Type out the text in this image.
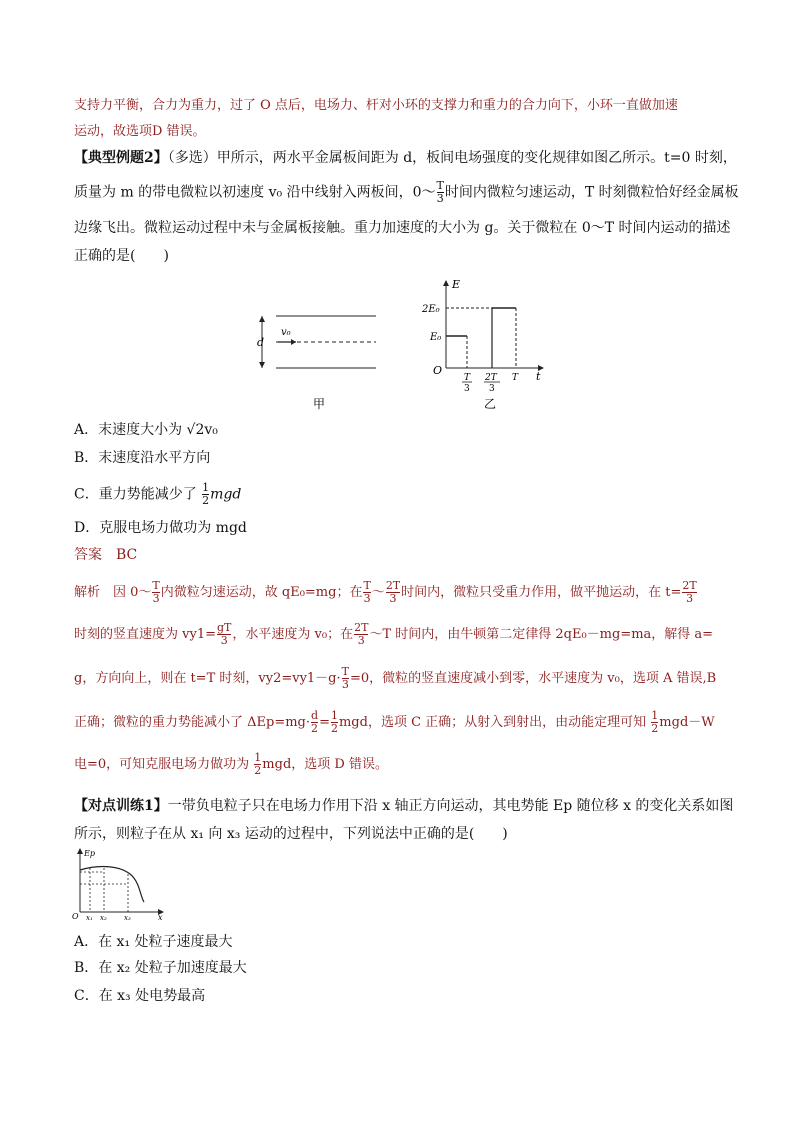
支持力平衡，合力为重力，过了 O 点后，电场力、杆对小环的支撑力和重力的合力向下，小环一直做加速
运动，故选项D 错误。
【典型例题2】（多选）甲所示，两水平金属板间距为 d，板间电场强度的变化规律如图乙所示。t=0 时刻，
质量为 m 的带电微粒以初速度 v₀ 沿中线射入两板间，0～ $\frac{T}{3}$ 时间内微粒匀速运动，T 时刻微粒恰好经金属板
边缘飞出。微粒运动过程中未与金属板接触。重力加速度的大小为 g。关于微粒在 0～T 时间内运动的描述
正确的是(　　)
d
v₀
甲
E
t
O
2E₀
E₀
T
3
2T
3
T
乙
A．末速度大小为 √2v₀
B．末速度沿水平方向
C．重力势能减少了 $\frac{1}{2}$ mgd
D．克服电场力做功为 mgd
答案　BC
解析　因 0～ $\frac{T}{3}$ 内微粒匀速运动，故 qE₀=mg；在 $\frac{T}{3}$ ～ $\frac{2T}{3}$ 时间内，微粒只受重力作用，做平抛运动，在 $t= \frac{2T}{3}$
时刻的竖直速度为 $vy1= \frac{gT}{3}$ ，水平速度为 v₀；在 $\frac{2T}{3}$ ～T 时间内，由牛顿第二定律得 2qE₀－mg=ma，解得 a=
g，方向向上，则在 t=T 时刻，$vy2=vy1-g\cdot \frac{T}{3} =0$，微粒的竖直速度减小到零，水平速度为 v₀，选项 A 错误,B
正确；微粒的重力势能减小了 $\Delta Ep=mg\cdot \frac{d}{2} = \frac{1}{2}$ mgd，选项 C 正确；从射入到射出，由动能定理可知 $\frac{1}{2} mgd-W$
电=0，可知克服电场力做功为 $\frac{1}{2}$ mgd，选项 D 错误。
【对点训练1】一带负电粒子只在电场力作用下沿 x 轴正方向运动，其电势能 Ep 随位移 x 的变化关系如图
所示，则粒子在从 x₁ 向 x₃ 运动的过程中，下列说法中正确的是(　　)
Ep
x
O x₁ x₂ x₃
A．在 x₁ 处粒子速度最大
B．在 x₂ 处粒子加速度最大
C．在 x₃ 处电势最高
